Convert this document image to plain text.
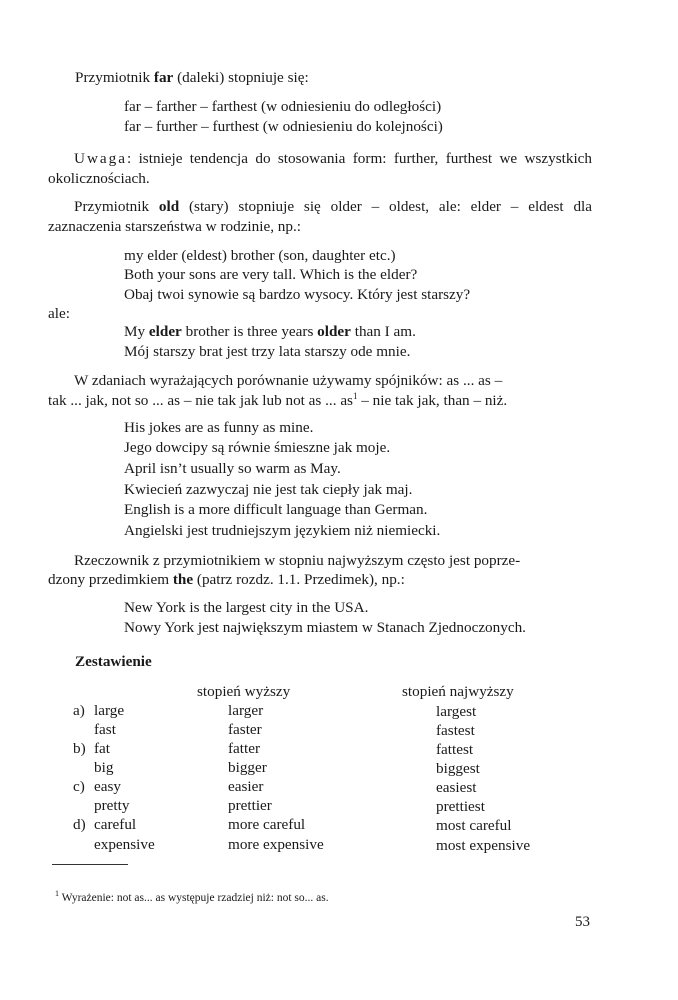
Przymiotnik far (daleki) stopniuje się:

far – farther – farthest (w odniesieniu do odległości)

far – further – furthest (w odniesieniu do kolejności)

Uwaga: istnieje tendencja do stosowania form: further, furthest we wszystkich okolicznościach.

Przymiotnik old (stary) stopniuje się older – oldest, ale: elder – eldest dla zaznaczenia starszeństwa w rodzinie, np.:

my elder (eldest) brother (son, daughter etc.)

Both your sons are very tall. Which is the elder?

Obaj twoi synowie są bardzo wysocy. Który jest starszy?

ale:

My elder brother is three years older than I am.

Mój starszy brat jest trzy lata starszy ode mnie.

W zdaniach wyrażających porównanie używamy spójników: as ... as –

tak ... jak, not so ... as – nie tak jak lub not as ... $as^1$ – nie tak jak, than – niż.

His jokes are as funny as mine.

Jego dowcipy są równie śmieszne jak moje.

April isn’t usually so warm as May.

Kwiecień zazwyczaj nie jest tak ciepły jak maj.

English is a more difficult language than German.

Angielski jest trudniejszym językiem niż niemiecki.

Rzeczownik z przymiotnikiem w stopniu najwyższym często jest poprze-

dzony przedimkiem the (patrz rozdz. 1.1. Przedimek), np.:

New York is the largest city in the USA.

Nowy York jest największym miastem w Stanach Zjednoczonych.

Zestawienie

stopień wyższy	stopień najwyższy
a) large	larger	largest
fast	faster	fastest
b) fat	fatter	fattest
big	bigger	biggest
c) easy	easier	easiest
pretty	prettier	prettiest
d) careful	more careful	most careful
expensive	more expensive	most expensive

$^1$ Wyrażenie: not as... as występuje rzadziej niż: not so... as.

53
